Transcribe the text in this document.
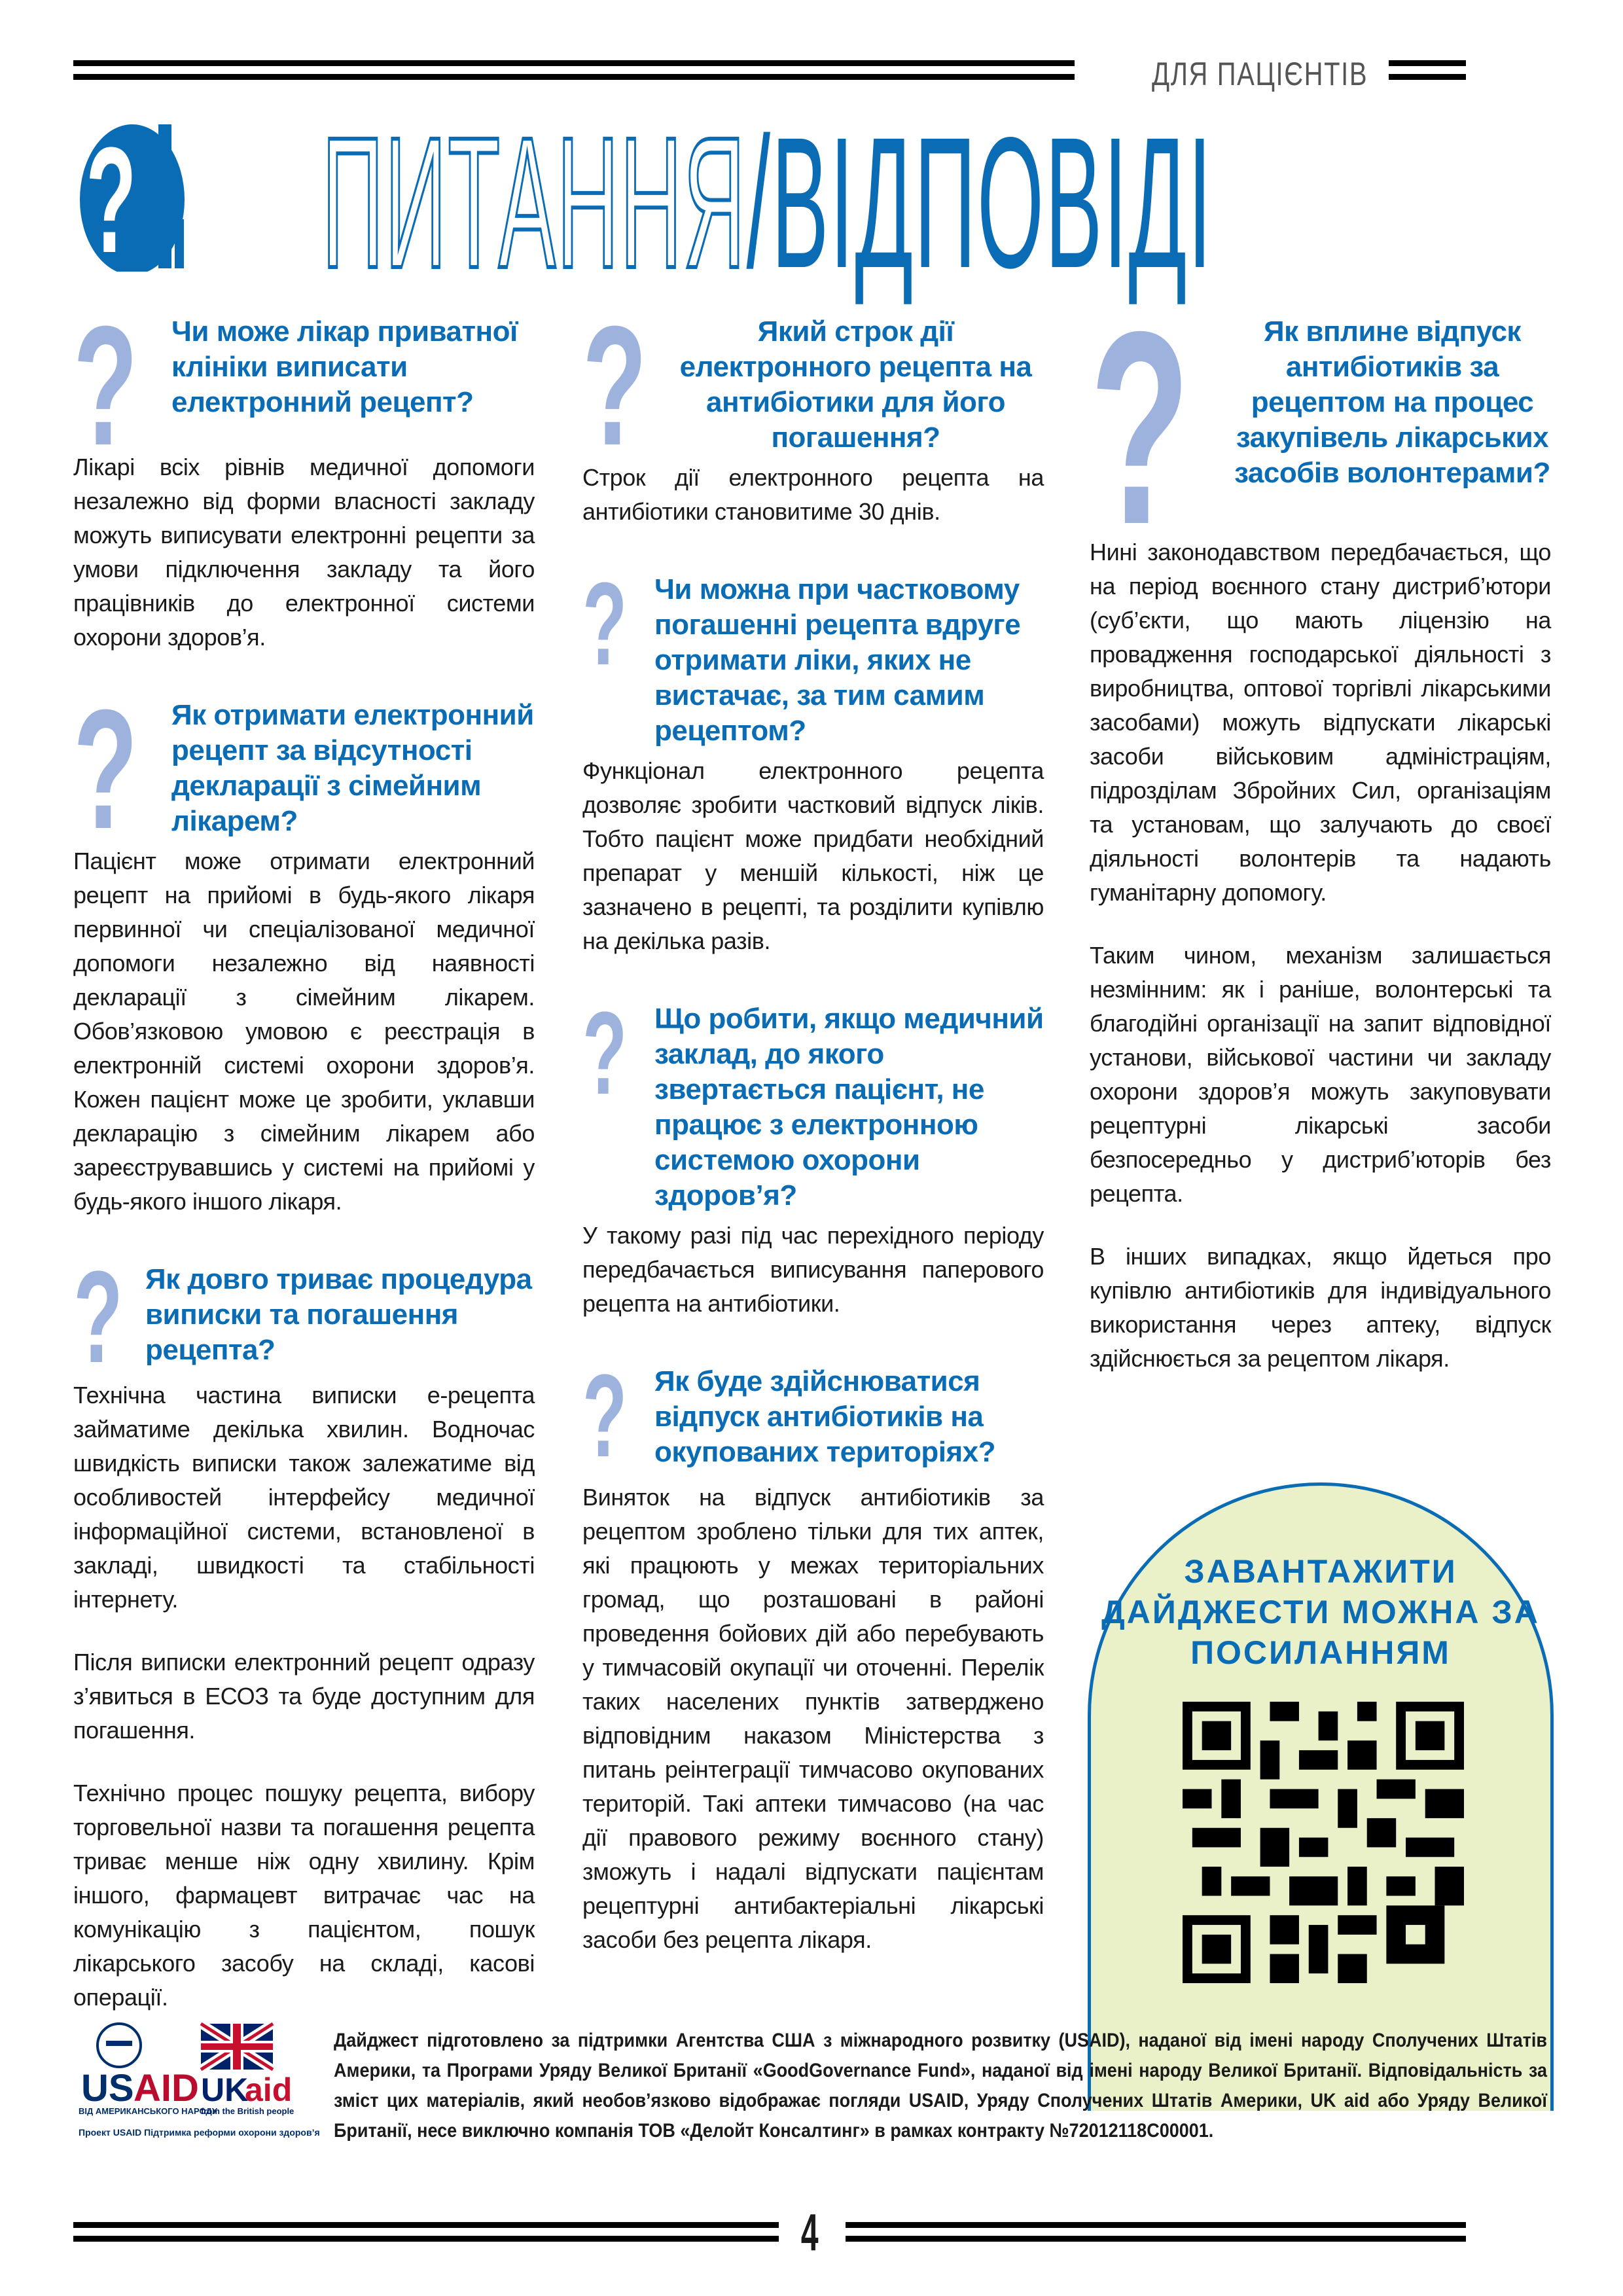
ДЛЯ ПАЦІЄНТІВ
? ПИТАННЯ/ВІДПОВІДІ
?	Чи може лікар приватної клініки виписати електронний рецепт?

Лікарі всіх рівнів медичної допомоги незалежно від форми власності закладу можуть виписувати електронні рецепти за умови підключення закладу та його працівників до електронної системи охорони здоров’я.

?	Як отримати електронний рецепт за відсутності декларації з сімейним лікарем?

Пацієнт може отримати електронний рецепт на прийомі в будь-якого лікаря первинної чи спеціалізованої медичної допомоги незалежно від наявності декларації з сімейним лікарем. Обов’язковою умовою є реєстрація в електронній системі охорони здоров’я. Кожен пацієнт може це зробити, уклавши декларацію з сімейним лікарем або зареєструвавшись у системі на прийомі у будь-якого іншого лікаря.

? Як довго триває процедура виписки та погашення рецепта?

Технічна частина виписки е-рецепта займатиме декілька хвилин. Водночас швидкість виписки також залежатиме від особливостей інтерфейсу медичної інформаційної системи, встановленої в закладі, швидкості та стабільності інтернету.

Після виписки електронний рецепт одразу з’явиться в ЕСОЗ та буде доступним для погашення.

Технічно процес пошуку рецепта, вибору торговельної назви та погашення рецепта триває менше ніж одну хвилину. Крім іншого, фармацевт витрачає час на комунікацію з пацієнтом, пошук лікарського засобу на складі, касові операції.

?	Який строк дії електронного рецепта на антибіотики для його погашення?

Строк дії електронного рецепта на антибіотики становитиме 30 днів.

? Чи можна при частковому погашенні рецепта вдруге отримати ліки, яких не вистачає, за тим самим рецептом?

Функціонал електронного рецепта дозволяє зробити частковий відпуск ліків. Тобто пацієнт може придбати необхідний препарат у меншій кількості, ніж це зазначено в рецепті, та розділити купівлю на декілька разів.

? Що робити, якщо медичний заклад, до якого звертається пацієнт, не працює з електронною системою охорони здоров’я?

У такому разі під час перехідного періоду передбачається виписування паперового рецепта на антибіотики.

? Як буде здійснюватися відпуск антибіотиків на окупованих територіях?

Виняток на відпуск антибіотиків за рецептом зроблено тільки для тих аптек, які працюють у межах територіальних громад, що розташовані в районі проведення бойових дій або перебувають у тимчасовій окупації чи оточенні. Перелік таких населених пунктів затверджено відповідним наказом Міністерства з питань реінтеграції тимчасово окупованих територій. Такі аптеки тимчасово (на час дії правового режиму воєнного стану) зможуть і надалі відпускати пацієнтам рецептурні антибактеріальні лікарські засоби без рецепта лікаря.

?	Як вплине відпуск антибіотиків за рецептом на процес закупівель лікарських засобів волонтерами?

Нині законодавством передбачається, що на період воєнного стану дистриб’ютори (суб’єкти, що мають ліцензію на провадження господарської діяльності з виробництва, оптової торгівлі лікарськими засобами) можуть відпускати лікарські засоби військовим адміністраціям, підрозділам Збройних Сил, організаціям та установам, що залучають до своєї діяльності волонтерів та надають гуманітарну допомогу.

Таким чином, механізм залишається незмінним: як і раніше, волонтерські та благодійні організації на запит відповідної установи, військової частини чи закладу охорони здоров’я можуть закуповувати рецептурні лікарські засоби безпосередньо у дистриб’юторів без рецепта.

В інших випадках, якщо йдеться про купівлю антибіотиків для індивідуального використання через аптеку, відпуск здійснюється за рецептом лікаря.

ЗАВАНТАЖИТИ ДАЙДЖЕСТИ МОЖНА ЗА ПОСИЛАННЯМ
US AID UK
aid
ВІД АМЕРИКАНСЬКОГО НАРОДУ
from the British people
Проект USAID Підтримка реформи охорони здоров’я
Дайджест підготовлено за підтримки Агентства США з міжнародного розвитку (USAID), наданої від імені народу Сполучених Штатів Америки, та Програми Уряду Великої Британії «GoodGovernance Fund», наданої від імені народу Великої Британії. Відповідальність за зміст цих матеріалів, який необов’язково відображає погляди USAID, Уряду Сполучених Штатів Америки, UK aid або Уряду Великої Британії, несе виключно компанія ТОВ «Делойт Консалтинг» в рамках контракту №72012118C00001.
4
